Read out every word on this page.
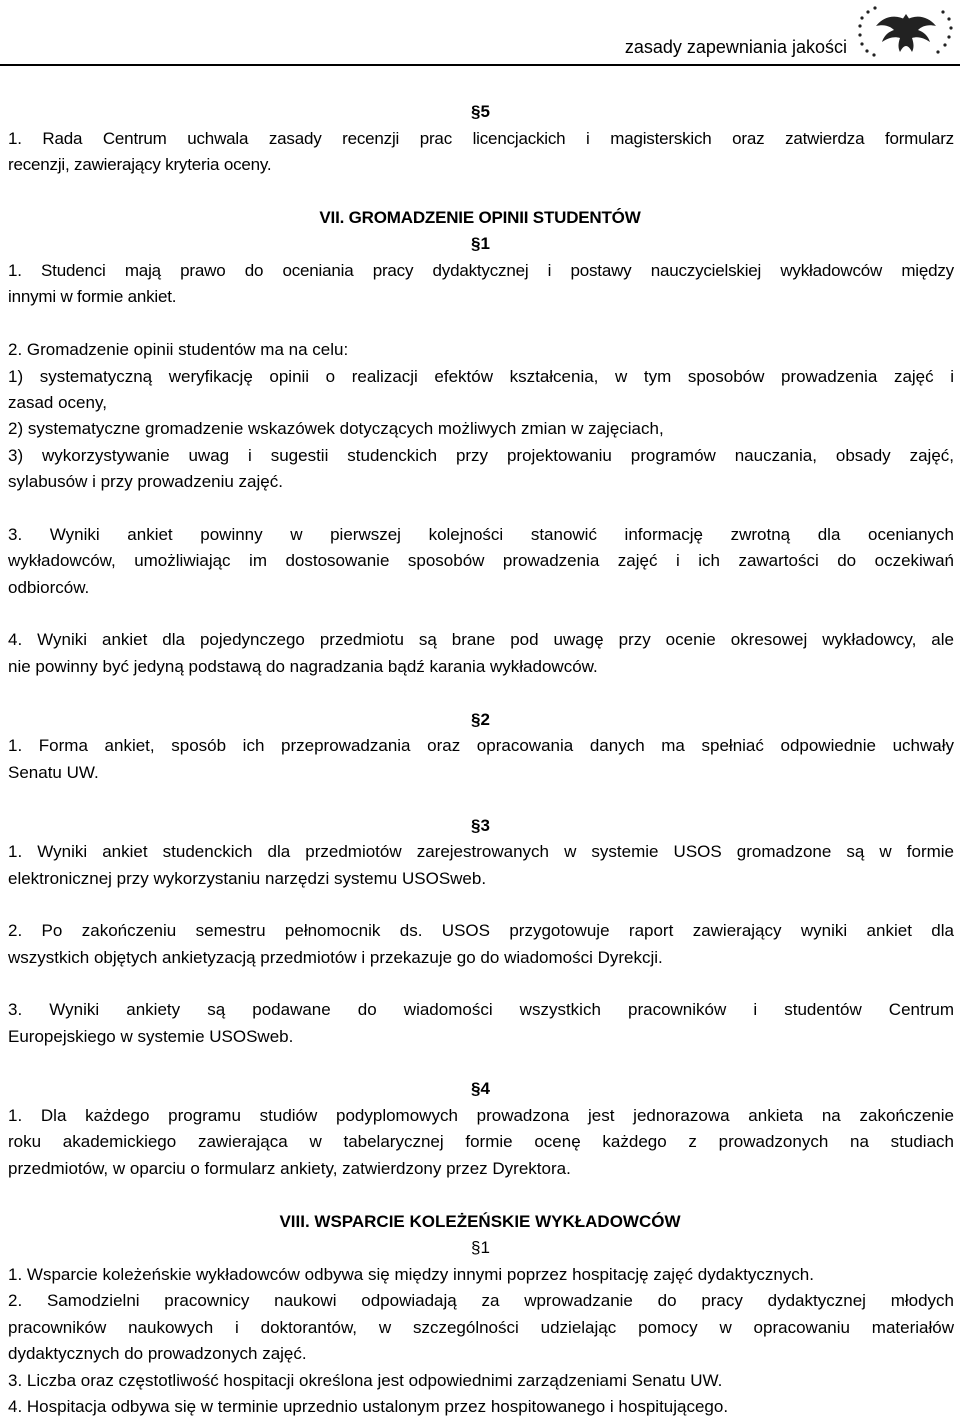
zasady zapewniania jakości
§5
1. Rada Centrum uchwala zasady recenzji prac licencjackich i magisterskich oraz zatwierdza formularz
recenzji, zawierający kryteria oceny.
VII. GROMADZENIE OPINII STUDENTÓW
§1
1. Studenci mają prawo do oceniania pracy dydaktycznej i postawy nauczycielskiej wykładowców między
innymi w formie ankiet.
2. Gromadzenie opinii studentów ma na celu:
1) systematyczną weryfikację opinii o realizacji efektów kształcenia, w tym sposobów prowadzenia zajęć i
zasad oceny,
2) systematyczne gromadzenie wskazówek dotyczących możliwych zmian w zajęciach,
3) wykorzystywanie uwag i sugestii studenckich przy projektowaniu programów nauczania, obsady zajęć,
sylabusów i przy prowadzeniu zajęć.
3. Wyniki ankiet powinny w pierwszej kolejności stanowić informację zwrotną dla ocenianych
wykładowców, umożliwiając im dostosowanie sposobów prowadzenia zajęć i ich zawartości do oczekiwań
odbiorców.
4. Wyniki ankiet dla pojedynczego przedmiotu są brane pod uwagę przy ocenie okresowej wykładowcy, ale
nie powinny być jedyną podstawą do nagradzania bądź karania wykładowców.
§2
1. Forma ankiet, sposób ich przeprowadzania oraz opracowania danych ma spełniać odpowiednie uchwały
Senatu UW.
§3
1. Wyniki ankiet studenckich dla przedmiotów zarejestrowanych w systemie USOS gromadzone są w formie
elektronicznej przy wykorzystaniu narzędzi systemu USOSweb.
2. Po zakończeniu semestru pełnomocnik ds. USOS przygotowuje raport zawierający wyniki ankiet dla
wszystkich objętych ankietyzacją przedmiotów i przekazuje go do wiadomości Dyrekcji.
3. Wyniki ankiety są podawane do wiadomości wszystkich pracowników i studentów Centrum
Europejskiego w systemie USOSweb.
§4
1. Dla każdego programu studiów podyplomowych prowadzona jest jednorazowa ankieta na zakończenie
roku akademickiego zawierająca w tabelarycznej formie ocenę każdego z prowadzonych na studiach
przedmiotów, w oparciu o formularz ankiety, zatwierdzony przez Dyrektora.
VIII. WSPARCIE KOLEŻEŃSKIE WYKŁADOWCÓW
§1
1. Wsparcie koleżeńskie wykładowców odbywa się między innymi poprzez hospitację zajęć dydaktycznych.
2. Samodzielni pracownicy naukowi odpowiadają za wprowadzanie do pracy dydaktycznej młodych
pracowników naukowych i doktorantów, w szczególności udzielając pomocy w opracowaniu materiałów
dydaktycznych do prowadzonych zajęć.
3. Liczba oraz częstotliwość hospitacji określona jest odpowiednimi zarządzeniami Senatu UW.
4. Hospitacja odbywa się w terminie uprzednio ustalonym przez hospitowanego i hospitującego.
